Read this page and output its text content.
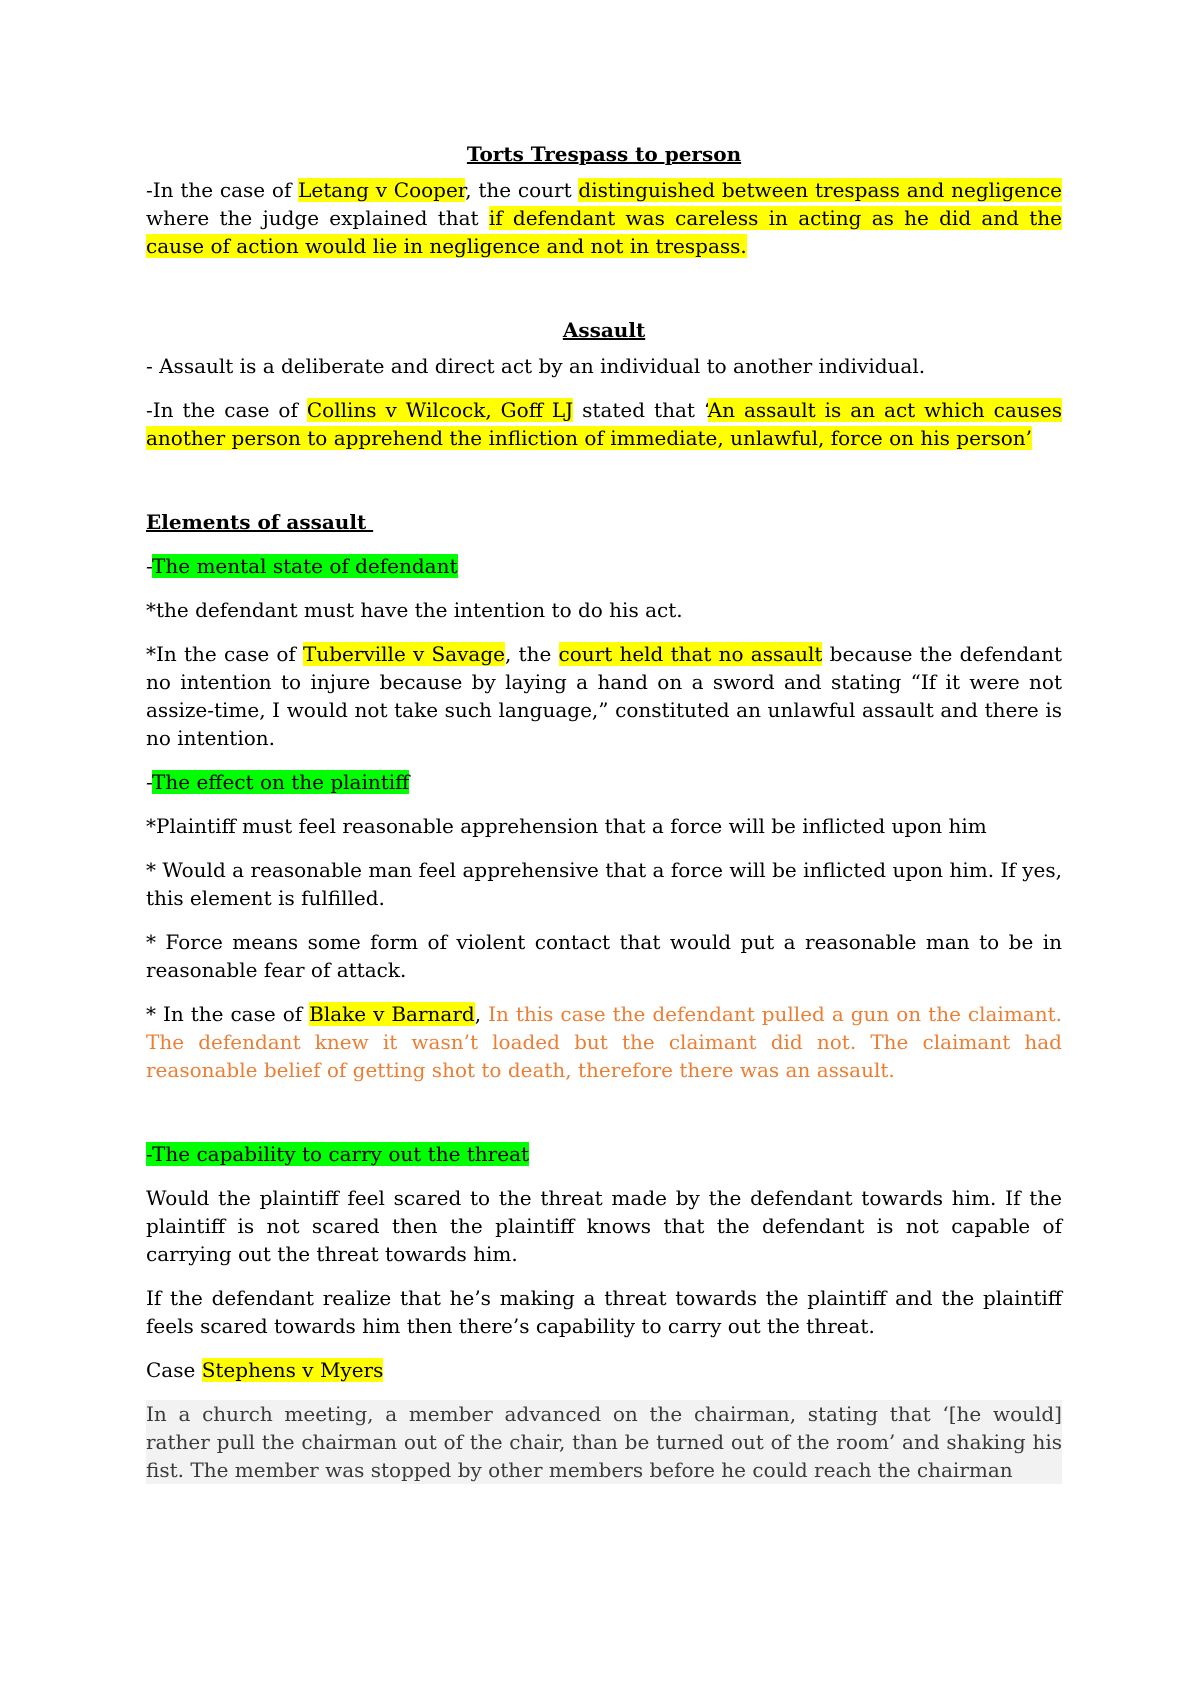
Torts Trespass to person

-In the case of Letang v Cooper, the court distinguished between trespass and negligence where the judge explained that if defendant was careless in acting as he did and the cause of action would lie in negligence and not in trespass.

Assault

- Assault is a deliberate and direct act by an individual to another individual.

-In the case of Collins v Wilcock, Goff LJ stated that ‘An assault is an act which causes another person to apprehend the infliction of immediate, unlawful, force on his person’

Elements of assault

-The mental state of defendant

*the defendant must have the intention to do his act.

*In the case of Tuberville v Savage, the court held that no assault because the defendant no intention to injure because by laying a hand on a sword and stating “If it were not assize-time, I would not take such language,” constituted an unlawful assault and there is no intention.

-The effect on the plaintiff

*Plaintiff must feel reasonable apprehension that a force will be inflicted upon him

* Would a reasonable man feel apprehensive that a force will be inflicted upon him. If yes, this element is fulfilled.

* Force means some form of violent contact that would put a reasonable man to be in reasonable fear of attack.

* In the case of Blake v Barnard, In this case the defendant pulled a gun on the claimant. The defendant knew it wasn’t loaded but the claimant did not. The claimant had reasonable belief of getting shot to death, therefore there was an assault.

-The capability to carry out the threat

Would the plaintiff feel scared to the threat made by the defendant towards him. If the plaintiff is not scared then the plaintiff knows that the defendant is not capable of carrying out the threat towards him.

If the defendant realize that he’s making a threat towards the plaintiff and the plaintiff feels scared towards him then there’s capability to carry out the threat.

Case Stephens v Myers

In a church meeting, a member advanced on the chairman, stating that ‘[he would] rather pull the chairman out of the chair, than be turned out of the room’ and shaking his fist. The member was stopped by other members before he could reach the chairman
